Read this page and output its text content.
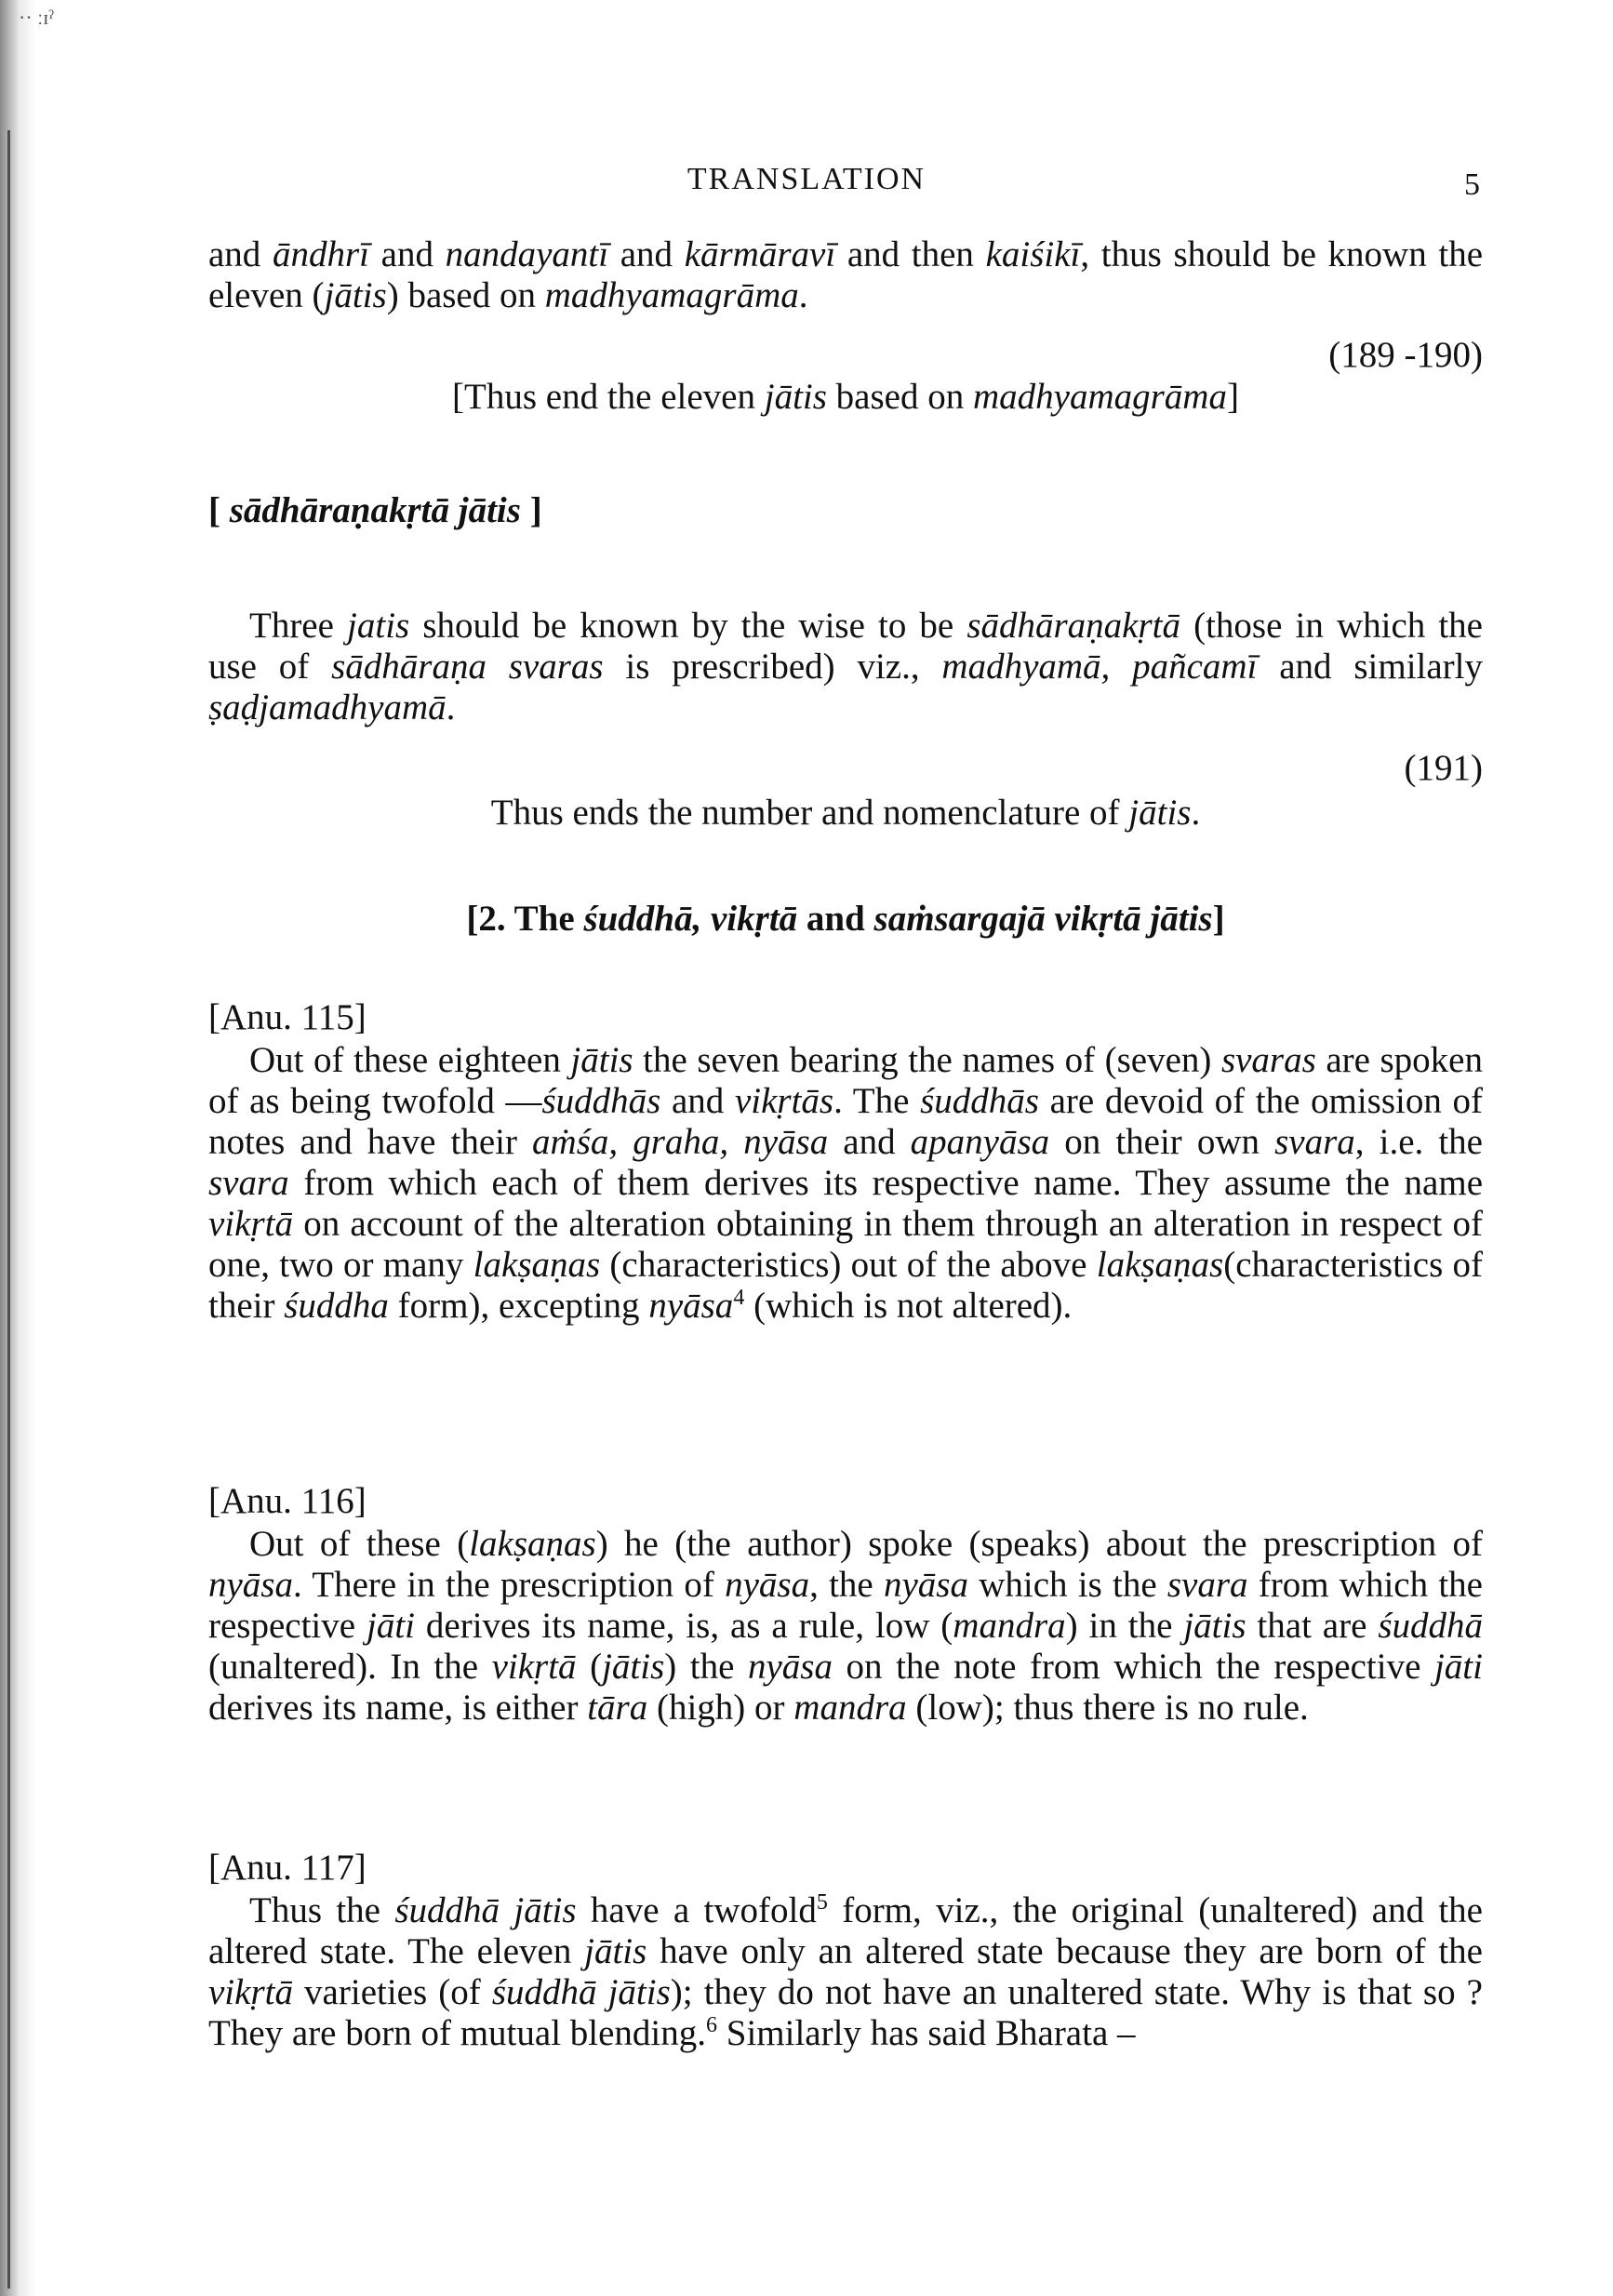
·· ːɪˀ
TRANSLATION	5

and āndhrī and nandayantī and kārmāravī and then kaiśikī, thus should be known the eleven (jātis) based on madhyamagrāma.

(189 -190)

[Thus end the eleven jātis based on madhyamagrāma]

[ sādhāraṇakṛtā jātis ]

Three jatis should be known by the wise to be sādhāraṇakṛtā (those in which the use of sādhāraṇa svaras is prescribed) viz., madhyamā, pañcamī and similarly ṣaḍjamadhyamā.

(191)

Thus ends the number and nomenclature of jātis.

[2. The śuddhā, vikṛtā and saṁsargajā vikṛtā jātis]

[Anu. 115]

Out of these eighteen jātis the seven bearing the names of (seven) svaras are spoken of as being twofold —śuddhās and vikṛtās. The śuddhās are devoid of the omission of notes and have their aṁśa, graha, nyāsa and apanyāsa on their own svara, i.e. the svara from which each of them derives its respective name. They assume the name vikṛtā on account of the alteration obtaining in them through an alteration in respect of one, two or many lakṣaṇas (characteristics) out of the above lakṣaṇas(characteristics of their śuddha form), excepting nyāsa$^4$ (which is not altered).

[Anu. 116]

Out of these (lakṣaṇas) he (the author) spoke (speaks) about the prescription of nyāsa. There in the prescription of nyāsa, the nyāsa which is the svara from which the respective jāti derives its name, is, as a rule, low (mandra) in the jātis that are śuddhā (unaltered). In the vikṛtā (jātis) the nyāsa on the note from which the respective jāti derives its name, is either tāra (high) or mandra (low); thus there is no rule.

[Anu. 117]

Thus the śuddhā jātis have a twofold$^5$ form, viz., the original (unaltered) and the altered state. The eleven jātis have only an altered state because they are born of the vikṛtā varieties (of śuddhā jātis); they do not have an unaltered state. Why is that so ? They are born of mutual blending.$^6$ Similarly has said Bharata –
